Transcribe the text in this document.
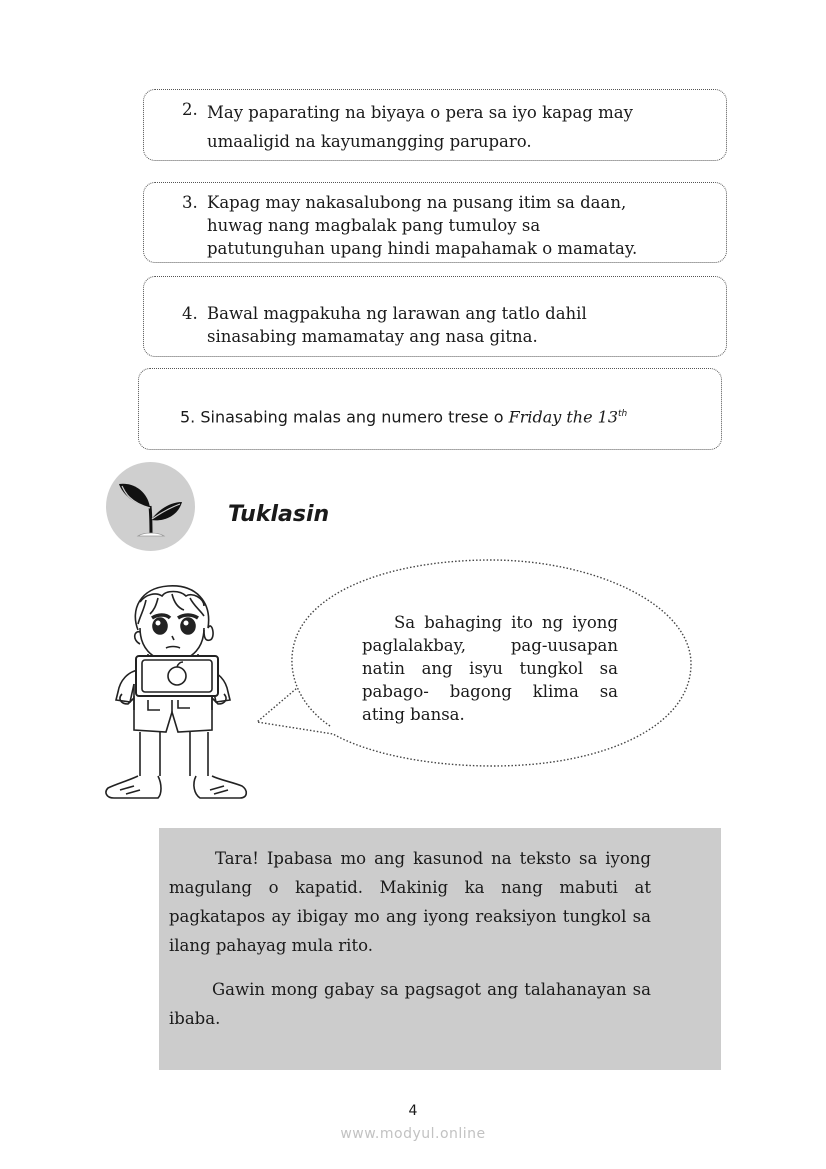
2. May paparating na biyaya o pera sa iyo kapag may
umaaligid na kayumangging paruparo.
3. Kapag may nakasalubong na pusang itim sa daan,
huwag nang magbalak pang tumuloy sa
patutunguhan upang hindi mapahamak o mamatay.
4. Bawal magpakuha ng larawan ang tatlo dahil
sinasabing mamamatay ang nasa gitna.
5. Sinasabing malas ang numero trese o Friday the 13th
Tuklasin
Sa bahaging ito ng iyong paglalakbay, pag-uusapan natin ang isyu tungkol sa pabago- bagong klima sa ating bansa.

Tara! Ipabasa mo ang kasunod na teksto sa iyong magulang o kapatid. Makinig ka nang mabuti at pagkatapos ay ibigay mo ang iyong reaksiyon tungkol sa ilang pahayag mula rito.

Gawin mong gabay sa pagsagot ang talahanayan sa ibaba.

4
www.modyul.online
